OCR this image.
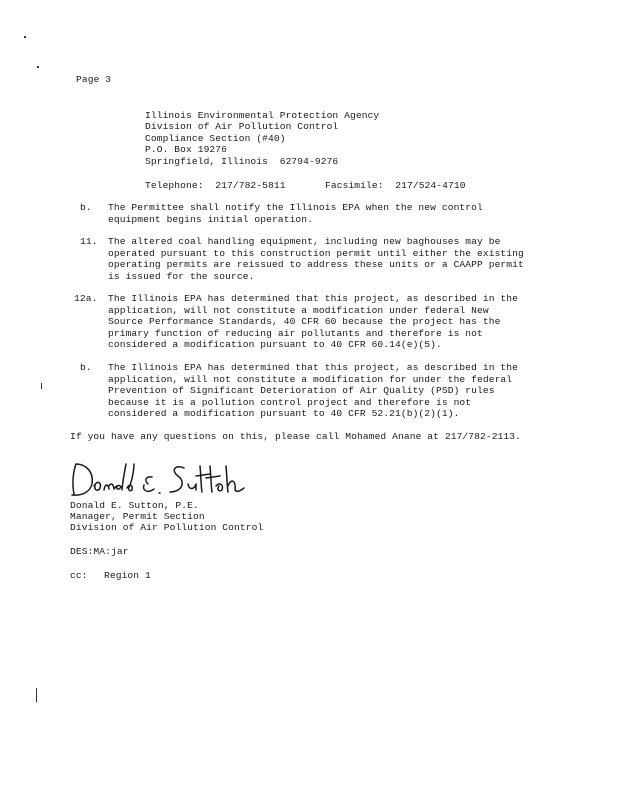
Page 3
Illinois Environmental Protection Agency
Division of Air Pollution Control
Compliance Section (#40)
P.O. Box 19276
Springfield, Illinois  62794-9276
Telephone:  217/782-5811	Facsimile:  217/524-4710
b. The Permittee shall notify the Illinois EPA when the new control
equipment begins initial operation.
11. The altered coal handling equipment, including new baghouses may be
operated pursuant to this construction permit until either the existing
operating permits are reissued to address these units or a CAAPP permit
is issued for the source.
12a. The Illinois EPA has determined that this project, as described in the
application, will not constitute a modification under federal New
Source Performance Standards, 40 CFR 60 because the project has the
primary function of reducing air pollutants and therefore is not
considered a modification pursuant to 40 CFR 60.14(e)(5).
b. The Illinois EPA has determined that this project, as described in the
application, will not constitute a modification for under the federal
Prevention of Significant Deterioration of Air Quality (PSD) rules
because it is a pollution control project and therefore is not
considered a modification pursuant to 40 CFR 52.21(b)(2)(1).
If you have any questions on this, please call Mohamed Anane at 217/782-2113.
Donald E. Sutton, P.E.
Manager, Permit Section
Division of Air Pollution Control
DES:MA:jar
cc: Region 1
